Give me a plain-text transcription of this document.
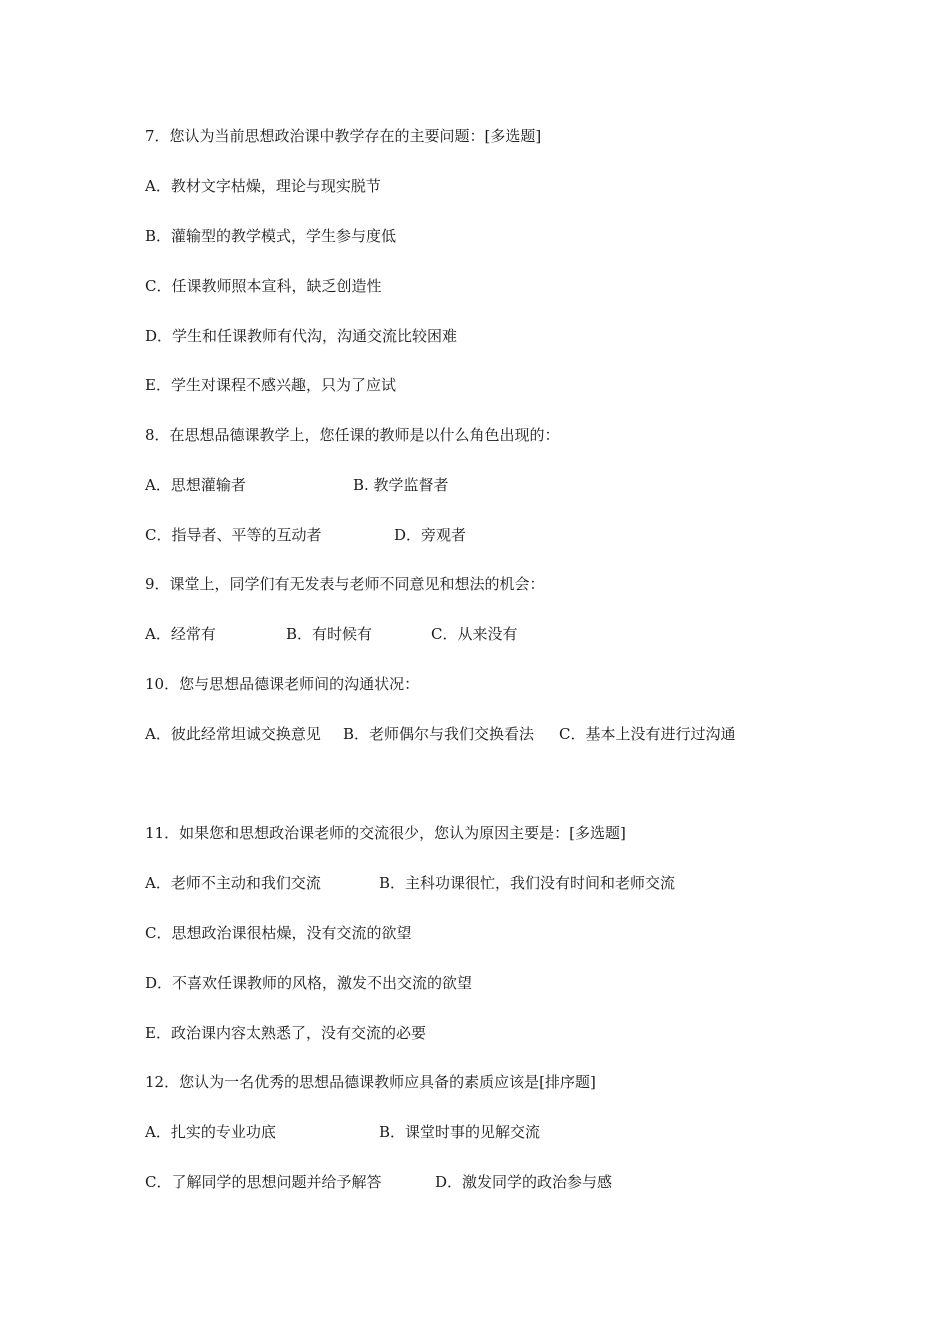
7．您认为当前思想政治课中教学存在的主要问题：[多选题]
A．教材文字枯燥，理论与现实脱节
B．灌输型的教学模式，学生参与度低
C．任课教师照本宣科，缺乏创造性
D．学生和任课教师有代沟，沟通交流比较困难
E．学生对课程不感兴趣，只为了应试
8．在思想品德课教学上，您任课的教师是以什么角色出现的：
A．思想灌输者	B. 教学监督者
C．指导者、平等的互动者	D．旁观者
9．课堂上，同学们有无发表与老师不同意见和想法的机会：
A．经常有	B．有时候有	C．从来没有
10．您与思想品德课老师间的沟通状况：
A．彼此经常坦诚交换意见 B．老师偶尔与我们交换看法 C．基本上没有进行过沟通
11．如果您和思想政治课老师的交流很少，您认为原因主要是：[多选题]
A．老师不主动和我们交流	B．主科功课很忙，我们没有时间和老师交流
C．思想政治课很枯燥，没有交流的欲望
D．不喜欢任课教师的风格，激发不出交流的欲望
E．政治课内容太熟悉了，没有交流的必要
12．您认为一名优秀的思想品德课教师应具备的素质应该是[排序题]
A．扎实的专业功底	B．课堂时事的见解交流
C．了解同学的思想问题并给予解答	D．激发同学的政治参与感
